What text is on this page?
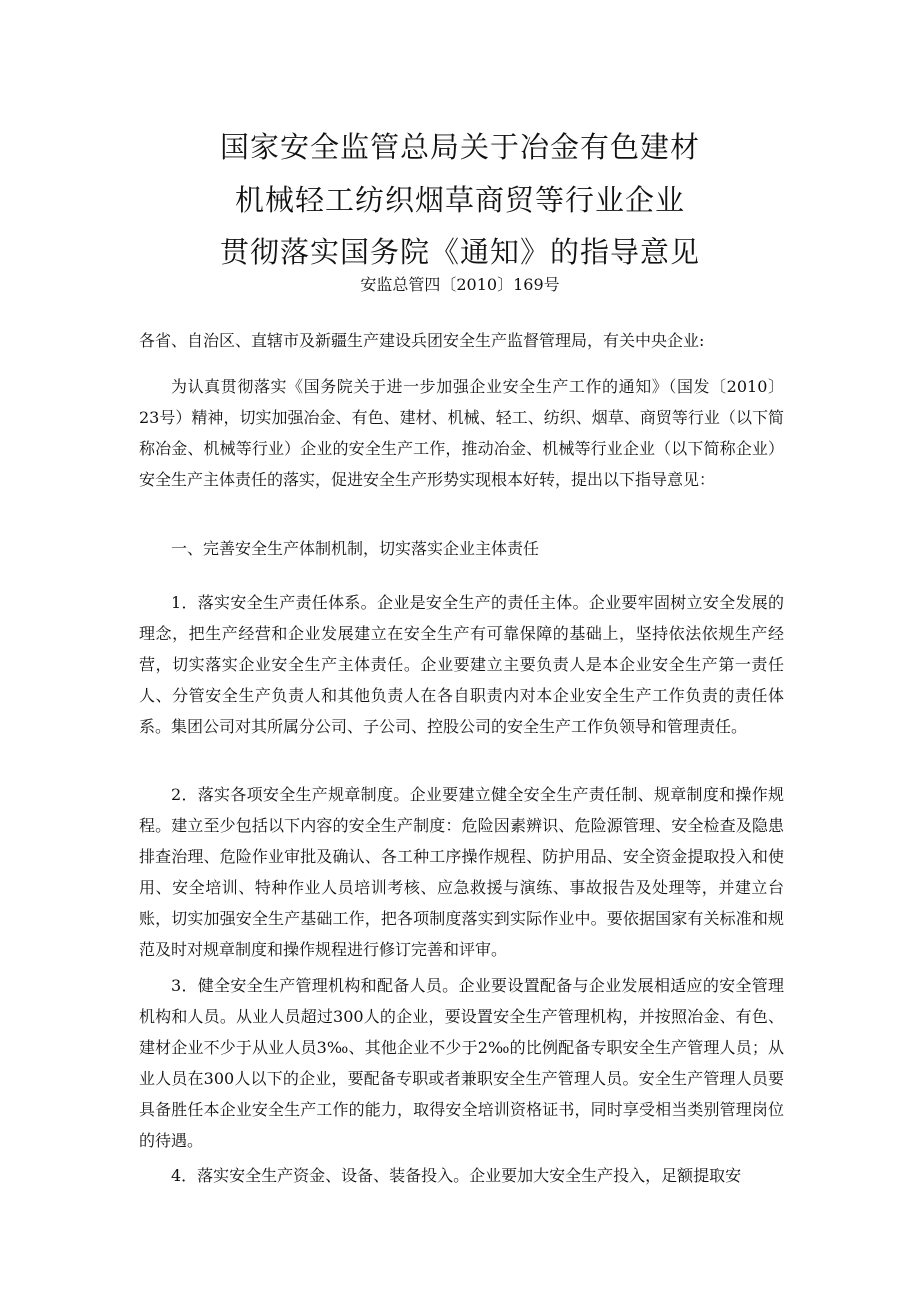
国家安全监管总局关于冶金有色建材
机械轻工纺织烟草商贸等行业企业
贯彻落实国务院《通知》的指导意见
安监总管四〔2010〕169号
各省、自治区、直辖市及新疆生产建设兵团安全生产监督管理局，有关中央企业:

为认真贯彻落实《国务院关于进一步加强企业安全生产工作的通知》（国发〔2010〕23号）精神，切实加强冶金、有色、建材、机械、轻工、纺织、烟草、商贸等行业（以下简称冶金、机械等行业）企业的安全生产工作，推动冶金、机械等行业企业（以下简称企业）安全生产主体责任的落实，促进安全生产形势实现根本好转，提出以下指导意见：

一、完善安全生产体制机制，切实落实企业主体责任

1．落实安全生产责任体系。企业是安全生产的责任主体。企业要牢固树立安全发展的理念，把生产经营和企业发展建立在安全生产有可靠保障的基础上，坚持依法依规生产经营，切实落实企业安全生产主体责任。企业要建立主要负责人是本企业安全生产第一责任人、分管安全生产负责人和其他负责人在各自职责内对本企业安全生产工作负责的责任体系。集团公司对其所属分公司、子公司、控股公司的安全生产工作负领导和管理责任。

2．落实各项安全生产规章制度。企业要建立健全安全生产责任制、规章制度和操作规程。建立至少包括以下内容的安全生产制度：危险因素辨识、危险源管理、安全检查及隐患排查治理、危险作业审批及确认、各工种工序操作规程、防护用品、安全资金提取投入和使用、安全培训、特种作业人员培训考核、应急救援与演练、事故报告及处理等，并建立台账，切实加强安全生产基础工作，把各项制度落实到实际作业中。要依据国家有关标准和规范及时对规章制度和操作规程进行修订完善和评审。

3．健全安全生产管理机构和配备人员。企业要设置配备与企业发展相适应的安全管理机构和人员。从业人员超过300人的企业，要设置安全生产管理机构，并按照冶金、有色、建材企业不少于从业人员3‰、其他企业不少于2‰的比例配备专职安全生产管理人员；从业人员在300人以下的企业，要配备专职或者兼职安全生产管理人员。安全生产管理人员要具备胜任本企业安全生产工作的能力，取得安全培训资格证书，同时享受相当类别管理岗位的待遇。

4．落实安全生产资金、设备、装备投入。企业要加大安全生产投入，足额提取安
